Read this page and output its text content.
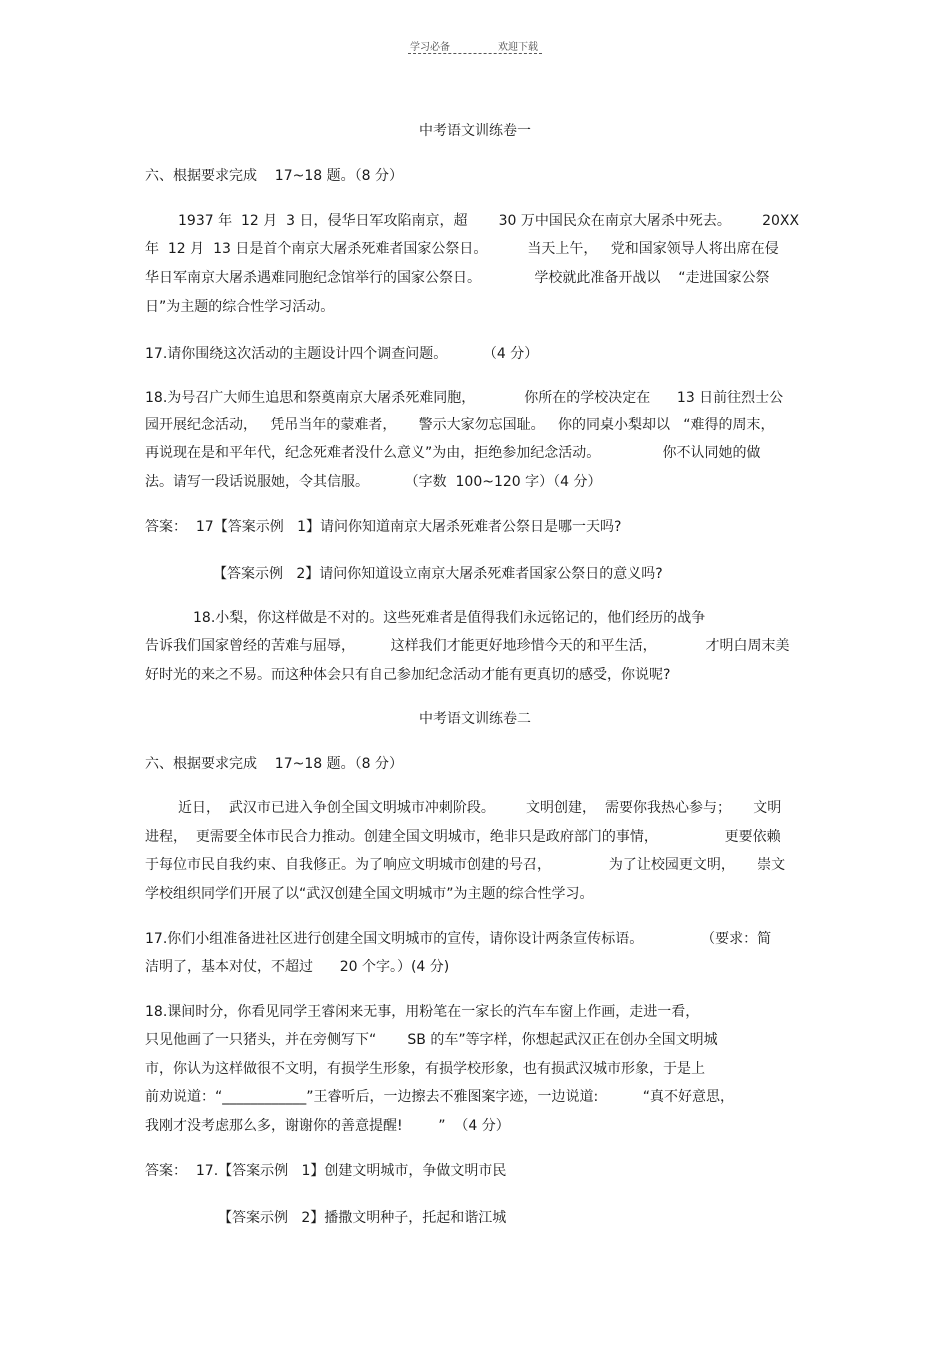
学习必备	欢迎下载
中考语文训练卷一
六、根据要求完成    17~18 题。（8 分）
1937 年  12 月  3 日，侵华日军攻陷南京，超       30 万中国民众在南京大屠杀中死去。       20XX
年  12 月  13 日是首个南京大屠杀死难者国家公祭日。         当天上午，   党和国家领导人将出席在侵
华日军南京大屠杀遇难同胞纪念馆举行的国家公祭日。            学校就此准备开战以    “走进国家公祭
日”为主题的综合性学习活动。
17.请你围绕这次活动的主题设计四个调查问题。        （4 分）
18.为号召广大师生追思和祭奠南京大屠杀死难同胞，           你所在的学校决定在      13 日前往烈士公
园开展纪念活动，   凭吊当年的蒙难者，     警示大家勿忘国耻。   你的同桌小梨却以   “难得的周末，
再说现在是和平年代，纪念死难者没什么意义”为由，拒绝参加纪念活动。              你不认同她的做
法。请写一段话说服她，令其信服。        （字数  100~120 字）（4 分）
答案：  17【答案示例   1】请问你知道南京大屠杀死难者公祭日是哪一天吗?
【答案示例   2】请问你知道设立南京大屠杀死难者国家公祭日的意义吗?
18.小梨，你这样做是不对的。这些死难者是值得我们永远铭记的，他们经历的战争
告诉我们国家曾经的苦难与屈辱，        这样我们才能更好地珍惜今天的和平生活，           才明白周末美
好时光的来之不易。而这种体会只有自己参加纪念活动才能有更真切的感受，你说呢?
中考语文训练卷二
六、根据要求完成    17~18 题。（8 分）
近日，  武汉市已进入争创全国文明城市冲刺阶段。       文明创建，  需要你我热心参与；     文明
进程，  更需要全体市民合力推动。创建全国文明城市，绝非只是政府部门的事情，               更要依赖
于每位市民自我约束、自我修正。为了响应文明城市创建的号召，             为了让校园更文明，     崇文
学校组织同学们开展了以“武汉创建全国文明城市”为主题的综合性学习。
17.你们小组准备进社区进行创建全国文明城市的宣传，请你设计两条宣传标语。             （要求：简
洁明了，基本对仗，不超过      20 个字。）(4 分)
18.课间时分，你看见同学王睿闲来无事，用粉笔在一家长的汽车车窗上作画，走进一看，
只见他画了一只猪头，并在旁侧写下“       SB 的车”等字样，你想起武汉正在创办全国文明城
市，你认为这样做很不文明，有损学生形象，有损学校形象，也有损武汉城市形象，于是上
前劝说道：“____________”王睿听后，一边擦去不雅图案字迹，一边说道:          “真不好意思，
我刚才没考虑那么多，谢谢你的善意提醒!        ”  （4 分）
答案：  17.【答案示例   1】创建文明城市，争做文明市民
【答案示例   2】播撒文明种子，托起和谐江城
